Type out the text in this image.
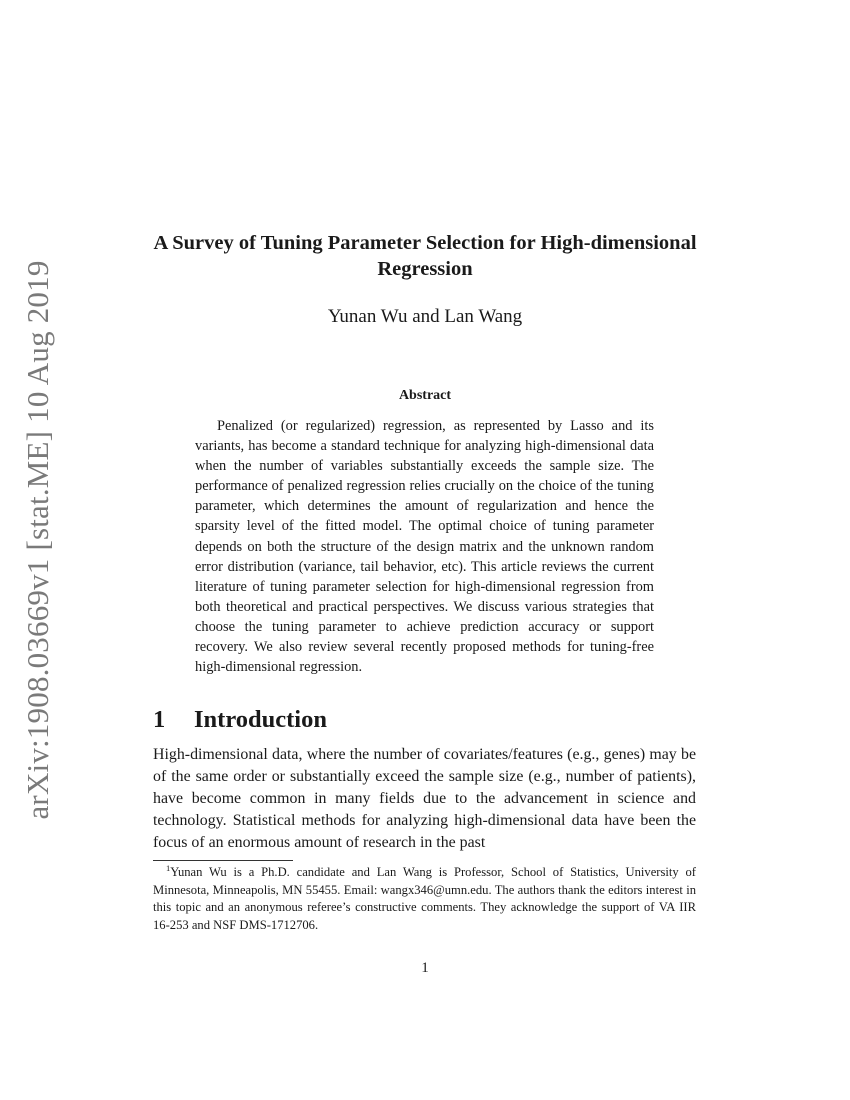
arXiv:1908.03669v1 [stat.ME] 10 Aug 2019
A Survey of Tuning Parameter Selection for High-dimensional Regression
Yunan Wu and Lan Wang
Abstract
Penalized (or regularized) regression, as represented by Lasso and its variants, has become a standard technique for analyzing high-dimensional data when the number of variables substantially exceeds the sample size. The performance of penalized regression relies crucially on the choice of the tuning parameter, which determines the amount of regularization and hence the sparsity level of the fitted model. The optimal choice of tuning parameter depends on both the structure of the design matrix and the unknown random error distribution (variance, tail behavior, etc). This article reviews the current literature of tuning parameter selection for high-dimensional regression from both theoretical and practical perspectives. We discuss various strategies that choose the tuning parameter to achieve prediction accuracy or support recovery. We also review several recently proposed methods for tuning-free high-dimensional regression.
1 Introduction
High-dimensional data, where the number of covariates/features (e.g., genes) may be of the same order or substantially exceed the sample size (e.g., number of patients), have become common in many fields due to the advancement in science and technology. Statistical methods for analyzing high-dimensional data have been the focus of an enormous amount of research in the past
$^1$Yunan Wu is a Ph.D. candidate and Lan Wang is Professor, School of Statistics, University of Minnesota, Minneapolis, MN 55455. Email: wangx346@umn.edu. The authors thank the editors interest in this topic and an anonymous referee’s constructive comments. They acknowledge the support of VA IIR 16-253 and NSF DMS-1712706.
1
